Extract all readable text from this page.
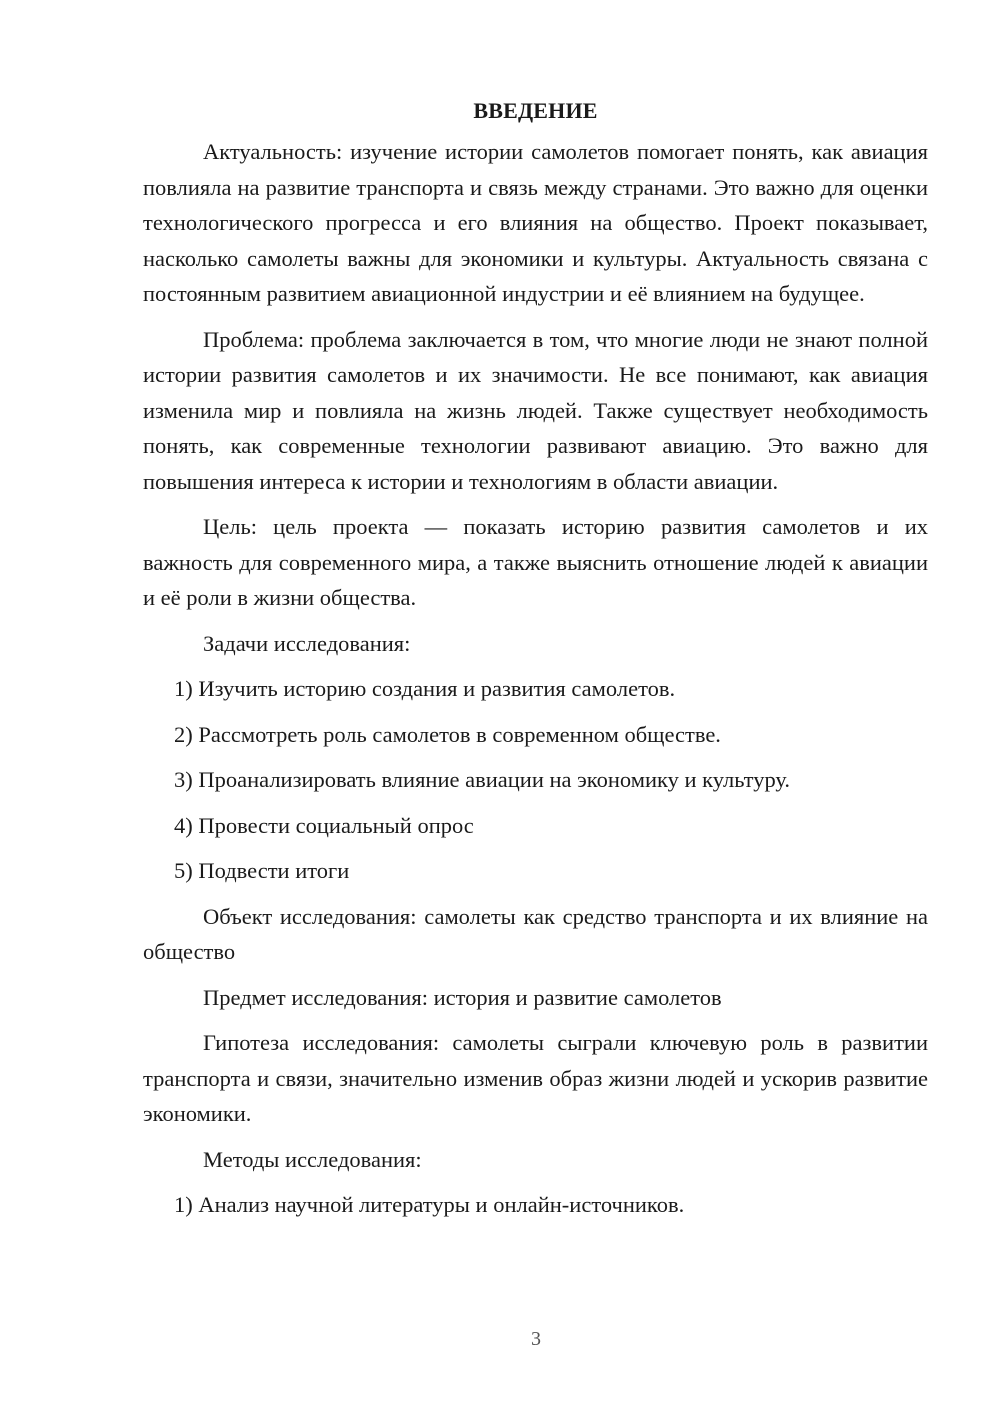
ВВЕДЕНИЕ

Актуальность: изучение истории самолетов помогает понять, как авиация повлияла на развитие транспорта и связь между странами. Это важно для оценки технологического прогресса и его влияния на общество. Проект показывает, насколько самолеты важны для экономики и культуры. Актуальность связана с постоянным развитием авиационной индустрии и её влиянием на будущее.

Проблема: проблема заключается в том, что многие люди не знают полной истории развития самолетов и их значимости. Не все понимают, как авиация изменила мир и повлияла на жизнь людей. Также существует необходимость понять, как современные технологии развивают авиацию. Это важно для повышения интереса к истории и технологиям в области авиации.

Цель: цель проекта — показать историю развития самолетов и их важность для современного мира, а также выяснить отношение людей к авиации и её роли в жизни общества.

Задачи исследования:

1) Изучить историю создания и развития самолетов.
2) Рассмотреть роль самолетов в современном обществе.
3) Проанализировать влияние авиации на экономику и культуру.
4) Провести социальный опрос
5) Подвести итоги

Объект исследования: самолеты как средство транспорта и их влияние на общество

Предмет исследования: история и развитие самолетов

Гипотеза исследования: самолеты сыграли ключевую роль в развитии транспорта и связи, значительно изменив образ жизни людей и ускорив развитие экономики.

Методы исследования:

1) Анализ научной литературы и онлайн-источников.
3
